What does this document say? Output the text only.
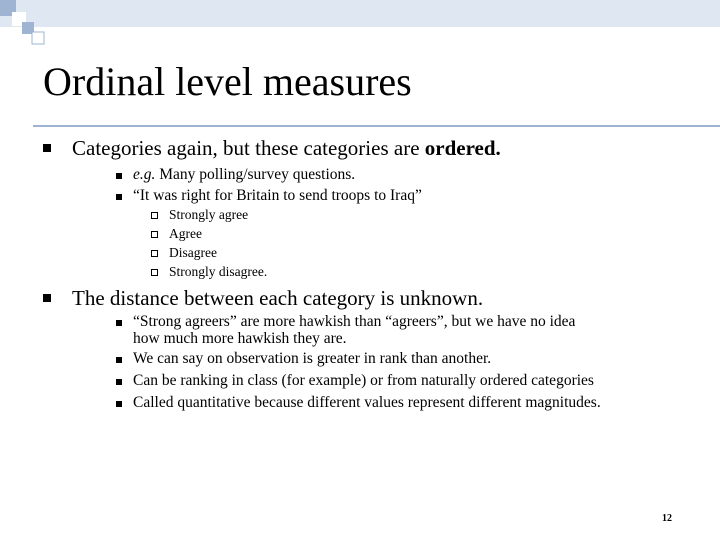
Ordinal level measures
Categories again, but these categories are ordered.
e.g. Many polling/survey questions.
“It was right for Britain to send troops to Iraq”
Strongly agree
Agree
Disagree
Strongly disagree.
The distance between each category is unknown.
“Strong agreers” are more hawkish than “agreers”, but we have no idea
how much more hawkish they are.
We can say on observation is greater in rank than another.
Can be ranking in class (for example) or from naturally ordered categories
Called quantitative because different values represent different magnitudes.
12
